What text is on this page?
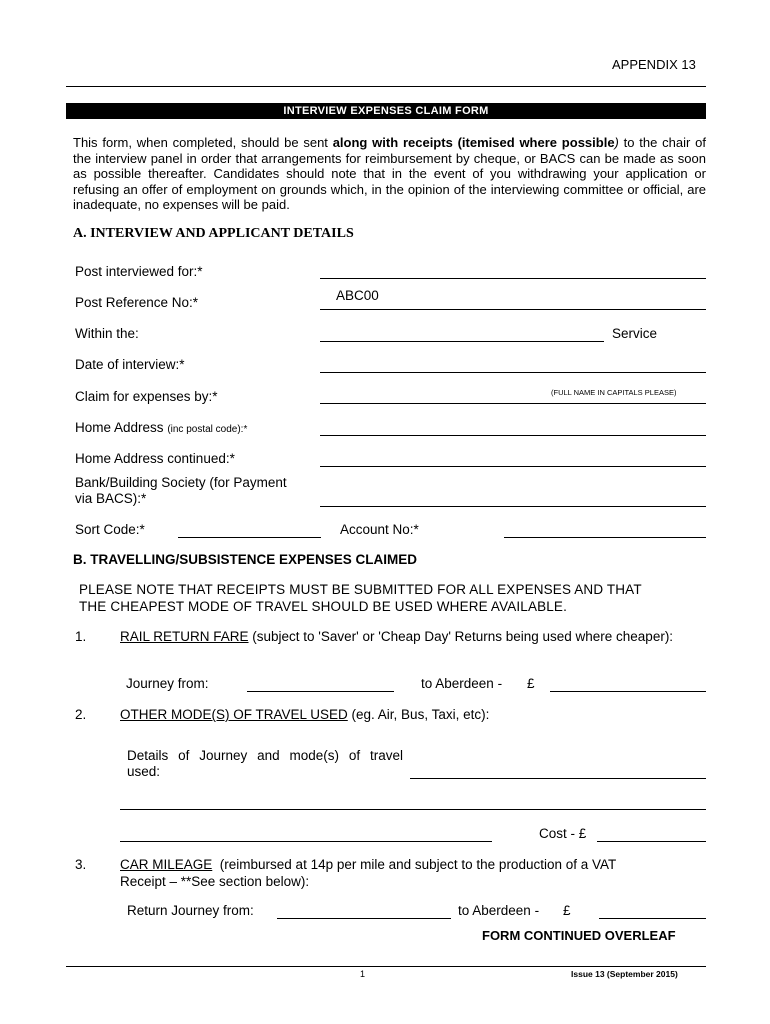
APPENDIX 13
INTERVIEW EXPENSES CLAIM FORM
This form, when completed, should be sent along with receipts (itemised where possible) to the chair of the interview panel in order that arrangements for reimbursement by cheque, or BACS can be made as soon as possible thereafter. Candidates should note that in the event of you withdrawing your application or refusing an offer of employment on grounds which, in the opinion of the interviewing committee or official, are inadequate, no expenses will be paid.
A. INTERVIEW AND APPLICANT DETAILS
Post interviewed for:*
Post Reference No:*
ABC00
Within the:	Service
Date of interview:*
Claim for expenses by:*	(FULL NAME IN CAPITALS PLEASE)
Home Address (inc postal code):*
Home Address continued:*
Bank/Building Society (for Payment
via BACS):*
Sort Code:*	Account No:*
B. TRAVELLING/SUBSISTENCE EXPENSES CLAIMED
PLEASE NOTE THAT RECEIPTS MUST BE SUBMITTED FOR ALL EXPENSES AND THAT
THE CHEAPEST MODE OF TRAVEL SHOULD BE USED WHERE AVAILABLE.
1. RAIL RETURN FARE (subject to 'Saver' or 'Cheap Day' Returns being used where cheaper):
Journey from:	to Aberdeen - £
2. OTHER MODE(S) OF TRAVEL USED (eg. Air, Bus, Taxi, etc):
Details of Journey and mode(s) of travel
used:
Cost - £
3. CAR MILEAGE  (reimbursed at 14p per mile and subject to the production of a VAT
Receipt – **See section below):
Return Journey from:	to Aberdeen - £
FORM CONTINUED OVERLEAF
1	Issue 13 (September 2015)
